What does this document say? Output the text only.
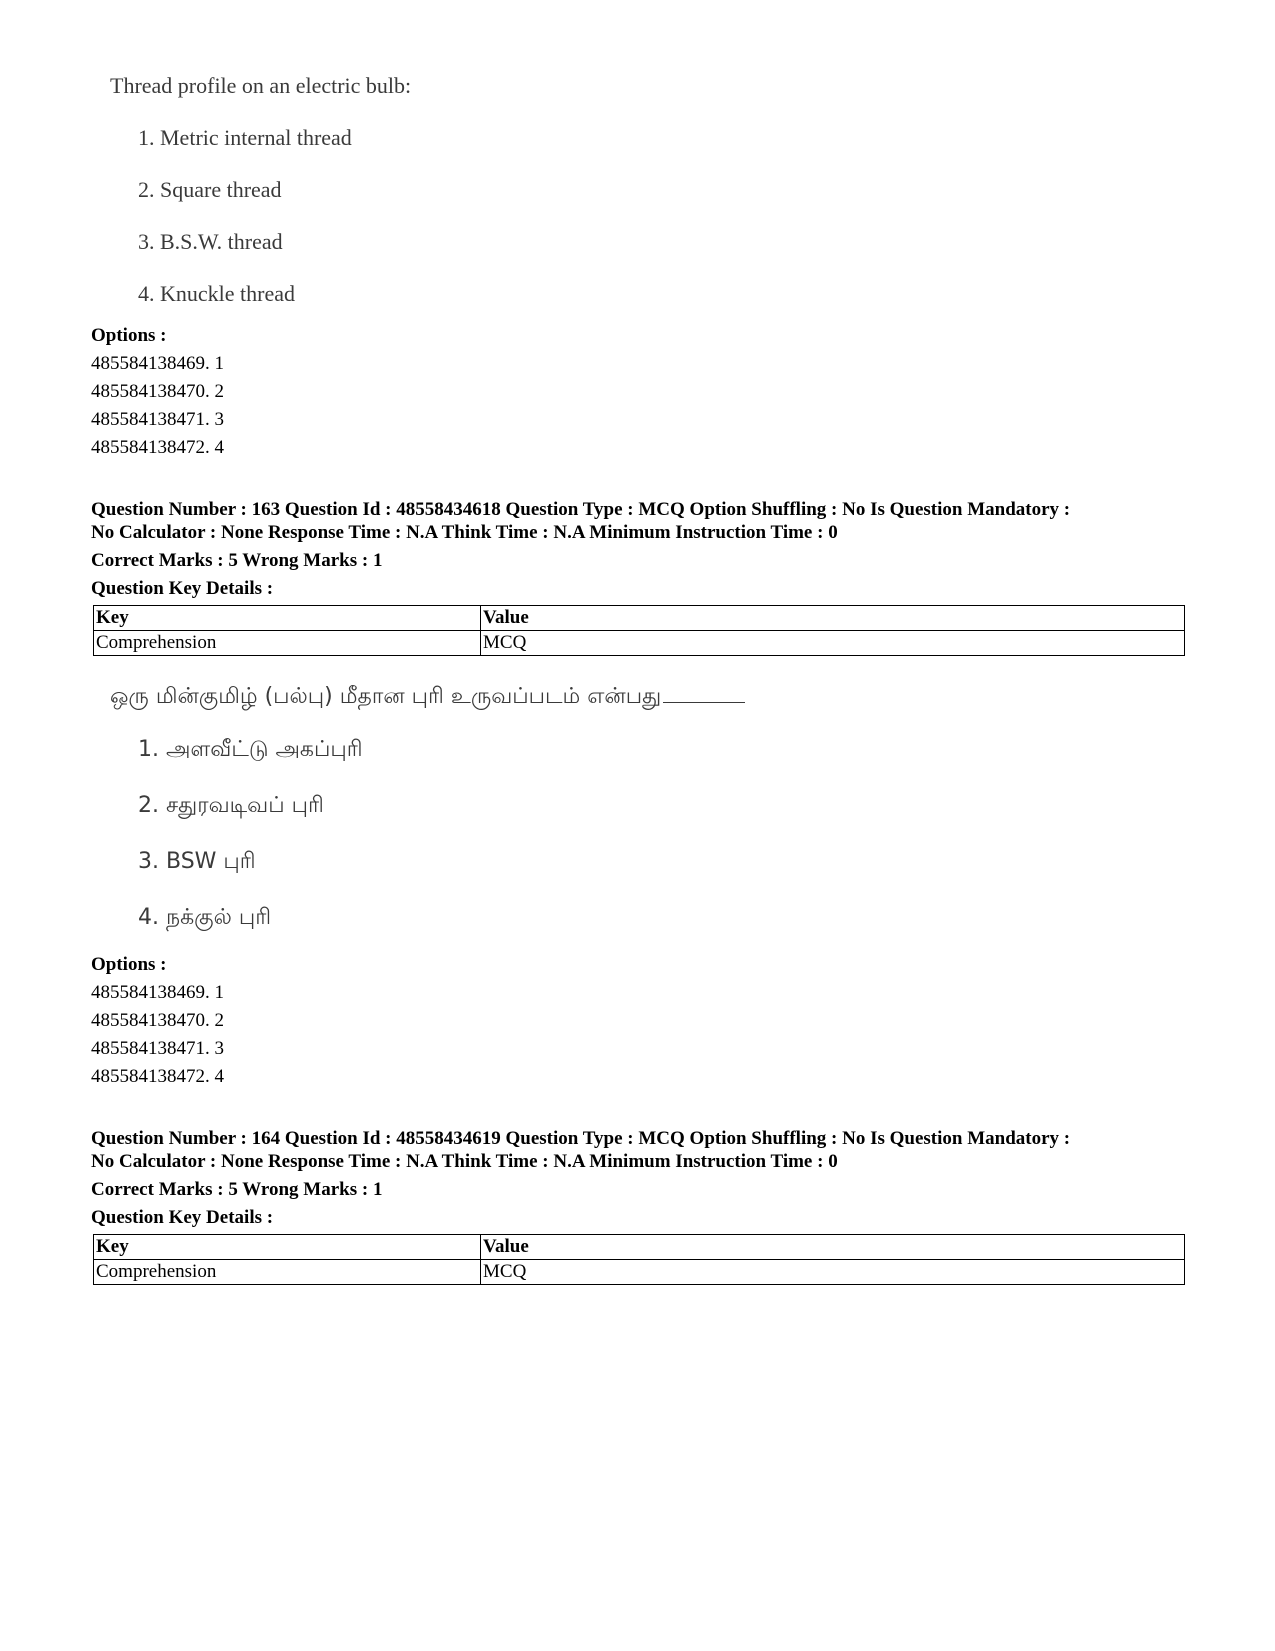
Thread profile on an electric bulb:
1. Metric internal thread
2. Square thread
3. B.S.W. thread
4. Knuckle thread
Options :
485584138469. 1
485584138470. 2
485584138471. 3
485584138472. 4
Question Number : 163 Question Id : 48558434618 Question Type : MCQ Option Shuffling : No Is Question Mandatory :
No Calculator : None Response Time : N.A Think Time : N.A Minimum Instruction Time : 0
Correct Marks : 5 Wrong Marks : 1
Question Key Details :
Key	Value
Comprehension	MCQ
ஒரு மின்குமிழ் (பல்பு) மீதான புரி உருவப்படம் என்பது
1. அளவீட்டு அகப்புரி
2. சதுரவடிவப் புரி
3. BSW புரி
4. நக்குல் புரி
Options :
485584138469. 1
485584138470. 2
485584138471. 3
485584138472. 4
Question Number : 164 Question Id : 48558434619 Question Type : MCQ Option Shuffling : No Is Question Mandatory :
No Calculator : None Response Time : N.A Think Time : N.A Minimum Instruction Time : 0
Correct Marks : 5 Wrong Marks : 1
Question Key Details :
Key	Value
Comprehension	MCQ
